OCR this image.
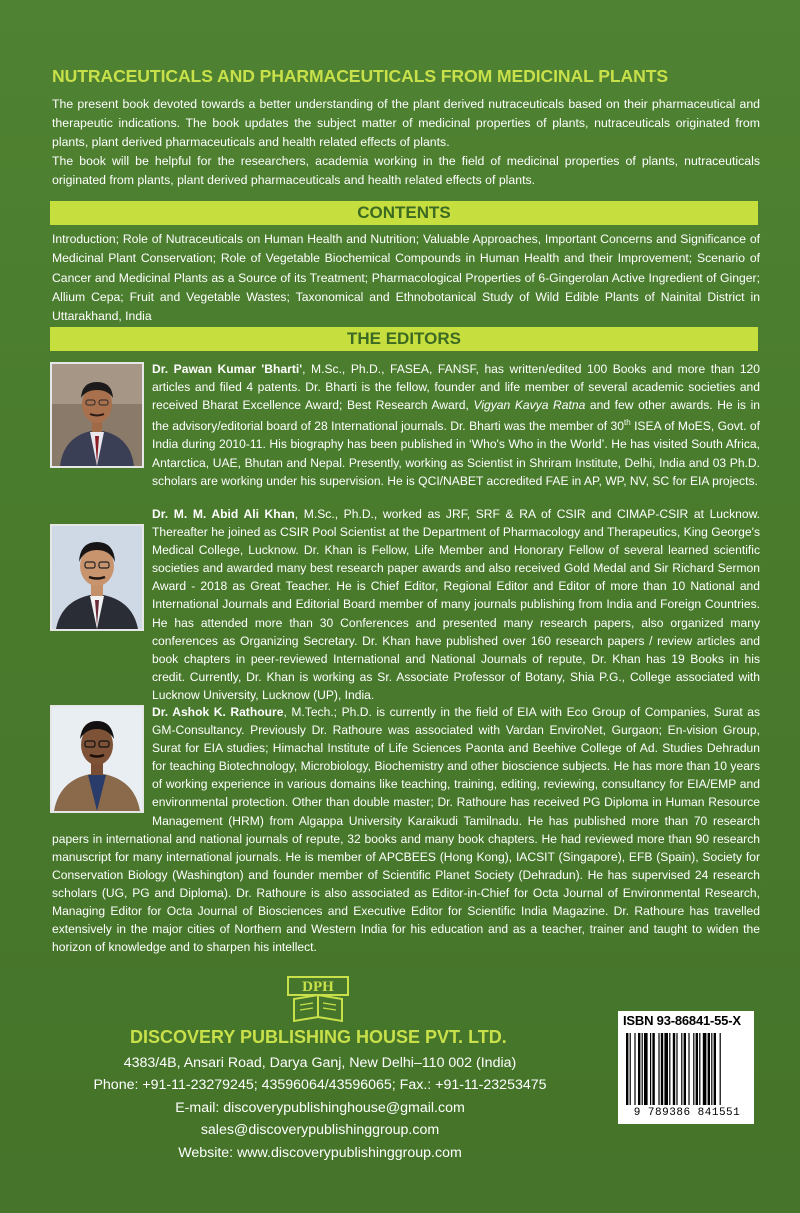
NUTRACEUTICALS AND PHARMACEUTICALS FROM MEDICINAL PLANTS

The present book devoted towards a better understanding of the plant derived nutraceuticals based on their pharmaceutical and therapeutic indications. The book updates the subject matter of medicinal properties of plants, nutraceuticals originated from plants, plant derived pharmaceuticals and health related effects of plants.

The book will be helpful for the researchers, academia working in the field of medicinal properties of plants, nutraceuticals originated from plants, plant derived pharmaceuticals and health related effects of plants.

CONTENTS
Introduction; Role of Nutraceuticals on Human Health and Nutrition; Valuable Approaches, Important Concerns and Significance of Medicinal Plant Conservation; Role of Vegetable Biochemical Compounds in Human Health and their Improvement; Scenario of Cancer and Medicinal Plants as a Source of its Treatment; Pharmacological Properties of 6-Gingerolan Active Ingredient of Ginger; Allium Cepa; Fruit and Vegetable Wastes; Taxonomical and Ethnobotanical Study of Wild Edible Plants of Nainital District in Uttarakhand, India
THE EDITORS
Dr. Pawan Kumar 'Bharti', M.Sc., Ph.D., FASEA, FANSF, has written/edited 100 Books and more than 120 articles and filed 4 patents. Dr. Bharti is the fellow, founder and life member of several academic societies and received Bharat Excellence Award; Best Research Award, Vigyan Kavya Ratna and few other awards. He is in the advisory/editorial board of 28 International journals. Dr. Bharti was the member of 30th ISEA of MoES, Govt. of India during 2010-11. His biography has been published in ‘Who's Who in the World’. He has visited South Africa, Antarctica, UAE, Bhutan and Nepal. Presently, working as Scientist in Shriram Institute, Delhi, India and 03 Ph.D. scholars are working under his supervision. He is QCI/NABET accredited FAE in AP, WP, NV, SC for EIA projects.
Dr. M. M. Abid Ali Khan, M.Sc., Ph.D., worked as JRF, SRF & RA of CSIR and CIMAP-CSIR at Lucknow. Thereafter he joined as CSIR Pool Scientist at the Department of Pharmacology and Therapeutics, King George's Medical College, Lucknow. Dr. Khan is Fellow, Life Member and Honorary Fellow of several learned scientific societies and awarded many best research paper awards and also received Gold Medal and Sir Richard Sermon Award - 2018 as Great Teacher. He is Chief Editor, Regional Editor and Editor of more than 10 National and International Journals and Editorial Board member of many journals publishing from India and Foreign Countries. He has attended more than 30 Conferences and presented many research papers, also organized many conferences as Organizing Secretary. Dr. Khan have published over 160 research papers / review articles and book chapters in peer-reviewed International and National Journals of repute, Dr. Khan has 19 Books in his credit. Currently, Dr. Khan is working as Sr. Associate Professor of Botany, Shia P.G., College associated with Lucknow University, Lucknow (UP), India.
Dr. Ashok K. Rathoure, M.Tech.; Ph.D. is currently in the field of EIA with Eco Group of Companies, Surat as GM-Consultancy. Previously Dr. Rathoure was associated with Vardan EnviroNet, Gurgaon; En-vision Group, Surat for EIA studies; Himachal Institute of Life Sciences Paonta and Beehive College of Ad. Studies Dehradun for teaching Biotechnology, Microbiology, Biochemistry and other bioscience subjects. He has more than 10 years of working experience in various domains like teaching, training, editing, reviewing, consultancy for EIA/EMP and environmental protection. Other than double master; Dr. Rathoure has received PG Diploma in Human Resource Management (HRM) from Algappa University Karaikudi Tamilnadu. He has published more than 70 research papers in international and national journals of repute, 32 books and many book chapters. He had reviewed more than 90 research manuscript for many international journals. He is member of APCBEES (Hong Kong), IACSIT (Singapore), EFB (Spain), Society for Conservation Biology (Washington) and founder member of Scientific Planet Society (Dehradun). He has supervised 24 research scholars (UG, PG and Diploma). Dr. Rathoure is also associated as Editor-in-Chief for Octa Journal of Environmental Research, Managing Editor for Octa Journal of Biosciences and Executive Editor for Scientific India Magazine. Dr. Rathoure has travelled extensively in the major cities of Northern and Western India for his education and as a teacher, trainer and taught to widen the horizon of knowledge and to sharpen his intellect.
DPH
DISCOVERY PUBLISHING HOUSE PVT. LTD.
4383/4B, Ansari Road, Darya Ganj, New Delhi–110 002 (India)
Phone: +91-11-23279245; 43596064/43596065; Fax.: +91-11-23253475
E-mail: discoverypublishinghouse@gmail.com
sales@discoverypublishinggroup.com
Website: www.discoverypublishinggroup.com
ISBN 93-86841-55-X
9 789386 841551
